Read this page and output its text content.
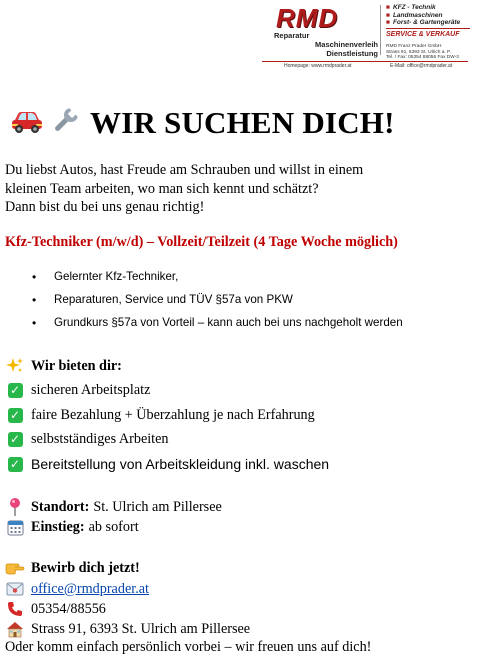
RMD
Reparatur
Maschinenverleih
Dienstleistung
■ KFZ - Technik
■ Landmaschinen
■ Forst- & Gartengeräte
SERVICE & VERKAUF
RMD Franz Prader GmbH
Strass 91, 6393 St. Ulrich a. P.
Tel. / Fax: 05354 88056 Fax DW-3
Homepage: www.rmdprader.at	E-Mail: office@rmdprader.at
WIR SUCHEN DICH!
Du liebst Autos, hast Freude am Schrauben und willst in einem
kleinen Team arbeiten, wo man sich kennt und schätzt?
Dann bist du bei uns genau richtig!
Kfz-Techniker (m/w/d) – Vollzeit/Teilzeit (4 Tage Woche möglich)
• Gelernter Kfz-Techniker,
• Reparaturen, Service und TÜV §57a von PKW
• Grundkurs §57a von Vorteil – kann auch bei uns nachgeholt werden
Wir bieten dir:
✓ sicheren Arbeitsplatz
✓ faire Bezahlung + Überzahlung je nach Erfahrung
✓ selbstständiges Arbeiten
✓ Bereitstellung von Arbeitskleidung inkl. waschen
Standort: St. Ulrich am Pillersee
Einstieg: ab sofort
Bewirb dich jetzt!
office@rmdprader.at
05354/88556
Strass 91, 6393 St. Ulrich am Pillersee
Oder komm einfach persönlich vorbei – wir freuen uns auf dich!
